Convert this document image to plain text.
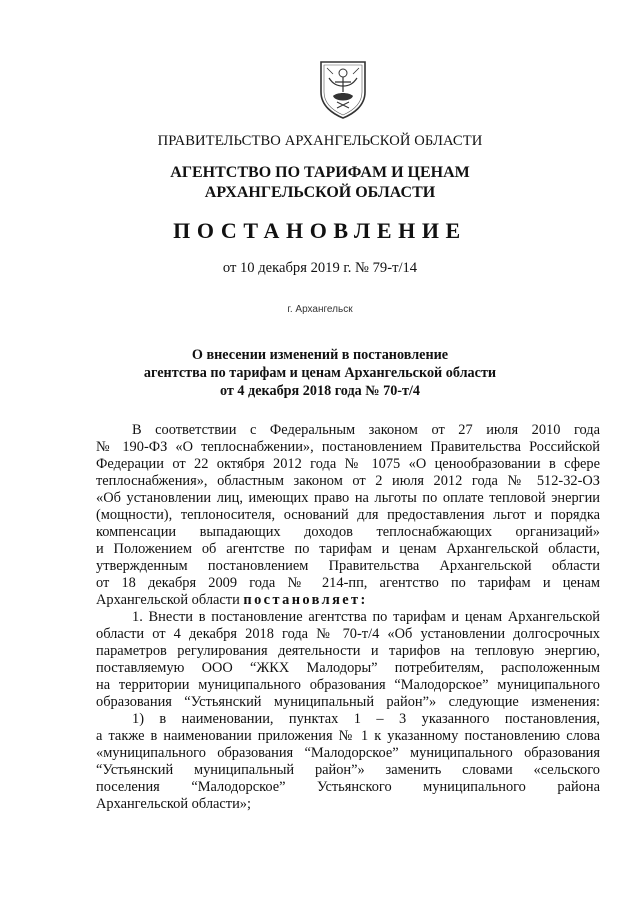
ПРАВИТЕЛЬСТВО АРХАНГЕЛЬСКОЙ ОБЛАСТИ
АГЕНТСТВО ПО ТАРИФАМ И ЦЕНАМ
АРХАНГЕЛЬСКОЙ ОБЛАСТИ
ПОСТАНОВЛЕНИЕ
от 10 декабря 2019 г. № 79-т/14
г. Архангельск
О внесении изменений в постановление
агентства по тарифам и ценам Архангельской области
от 4 декабря 2018 года № 70-т/4
В соответствии с Федеральным законом от 27 июля 2010 года
№ 190-ФЗ «О теплоснабжении», постановлением Правительства Российской
Федерации от 22 октября 2012 года № 1075 «О ценообразовании в сфере
теплоснабжения», областным законом от 2 июля 2012 года № 512-32-ОЗ
«Об установлении лиц, имеющих право на льготы по оплате тепловой энергии
(мощности), теплоносителя, оснований для предоставления льгот и порядка
компенсации выпадающих доходов теплоснабжающих организаций»
и Положением об агентстве по тарифам и ценам Архангельской области,
утвержденным постановлением Правительства Архангельской области
от 18 декабря 2009 года № 214-пп, агентство по тарифам и ценам
Архангельской области постановляет:
1. Внести в постановление агентства по тарифам и ценам Архангельской
области от 4 декабря 2018 года № 70-т/4 «Об установлении долгосрочных
параметров регулирования деятельности и тарифов на тепловую энергию,
поставляемую ООО “ЖКХ Малодоры” потребителям, расположенным
на территории муниципального образования “Малодорское” муниципального
образования “Устьянский муниципальный район”» следующие изменения:
1) в наименовании, пунктах 1 – 3 указанного постановления,
а также в наименовании приложения № 1 к указанному постановлению слова
«муниципального образования “Малодорское” муниципального образования
“Устьянский муниципальный район”» заменить словами «сельского
поселения “Малодорское” Устьянского муниципального района
Архангельской области»;
